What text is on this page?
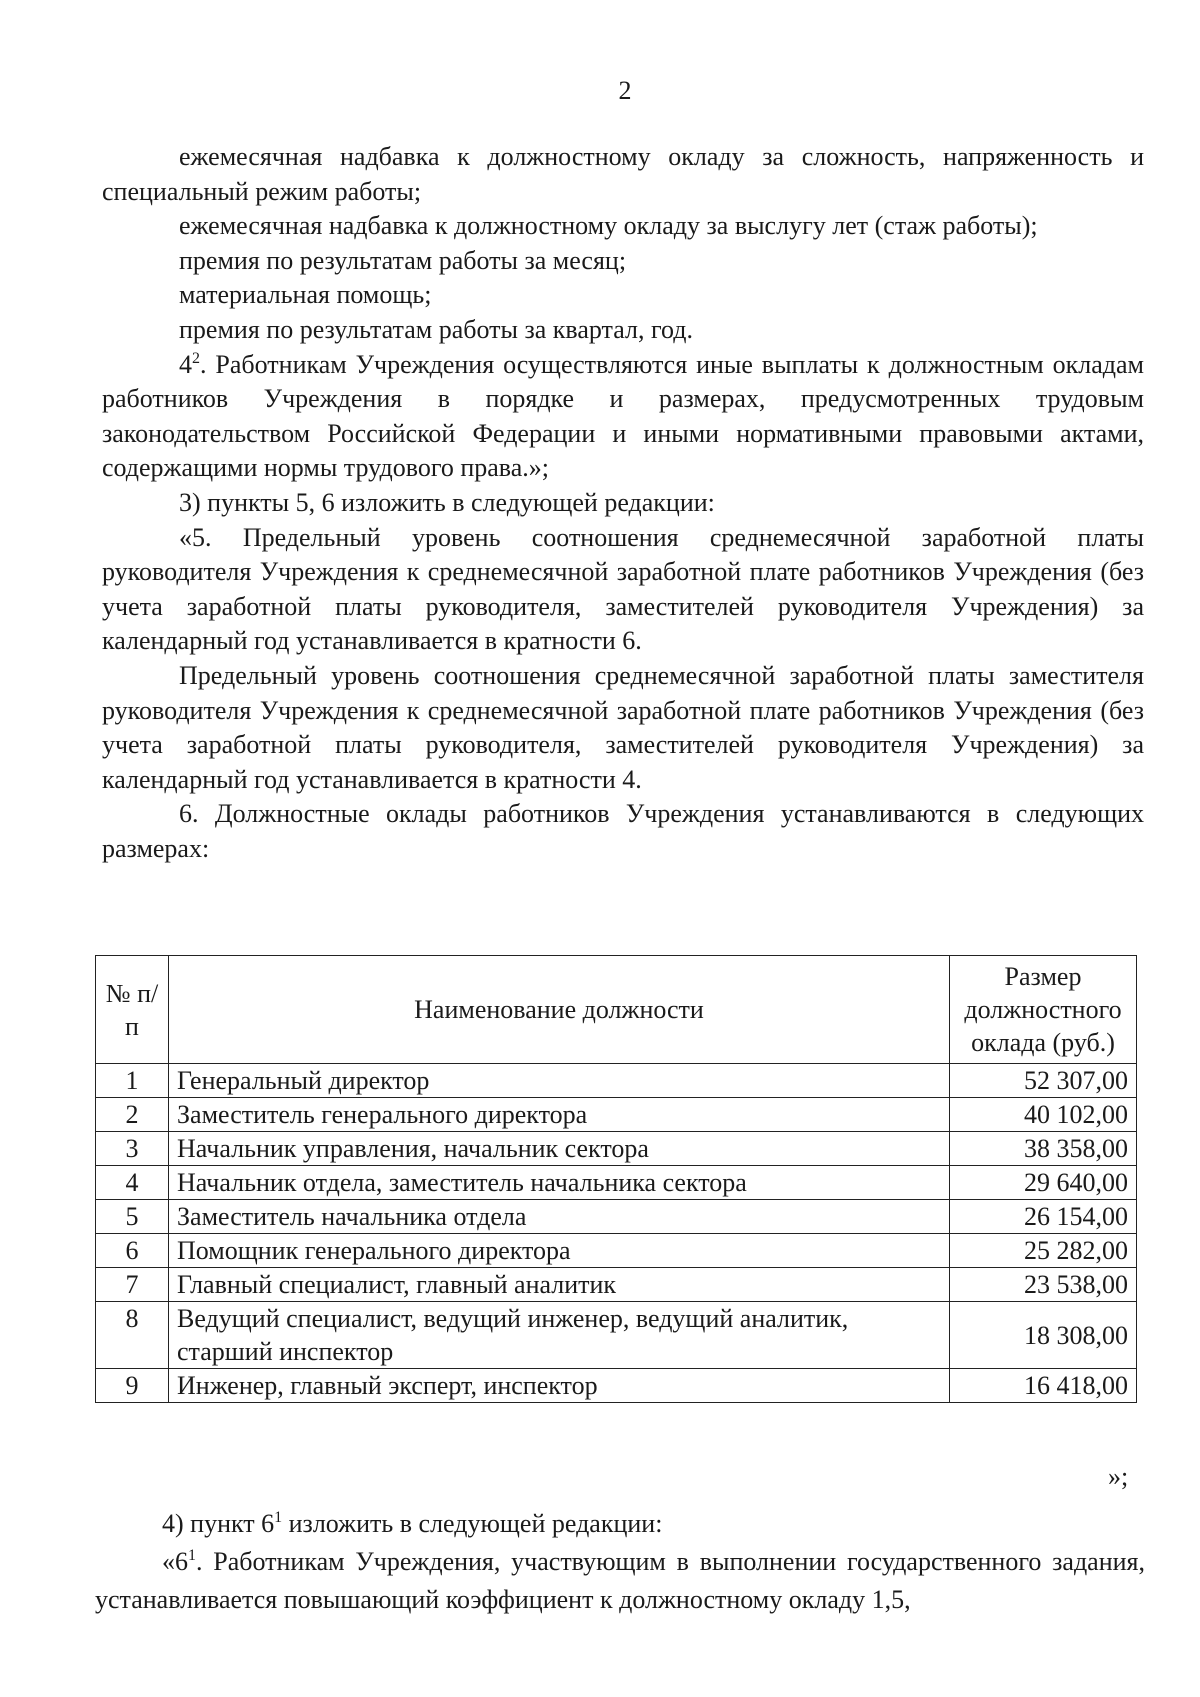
2

ежемесячная надбавка к должностному окладу за сложность, напряженность и специальный режим работы;

ежемесячная надбавка к должностному окладу за выслугу лет (стаж работы);

премия по результатам работы за месяц;

материальная помощь;

премия по результатам работы за квартал, год.

$4^2$. Работникам Учреждения осуществляются иные выплаты к должностным окладам работников Учреждения в порядке и размерах, предусмотренных трудовым законодательством Российской Федерации и иными нормативными правовыми актами, содержащими нормы трудового права.»;

3) пункты 5, 6 изложить в следующей редакции:

«5. Предельный уровень соотношения среднемесячной заработной платы руководителя Учреждения к среднемесячной заработной плате работников Учреждения (без учета заработной платы руководителя, заместителей руководителя Учреждения) за календарный год устанавливается в кратности 6.

Предельный уровень соотношения среднемесячной заработной платы заместителя руководителя Учреждения к среднемесячной заработной плате работников Учреждения (без учета заработной платы руководителя, заместителей руководителя Учреждения) за календарный год устанавливается в кратности 4.

6. Должностные оклады работников Учреждения устанавливаются в следующих размерах:

№ п/п	Наименование должности	Размер должностного оклада (руб.)
1	Генеральный директор	52 307,00
2	Заместитель генерального директора	40 102,00
3	Начальник управления, начальник сектора	38 358,00
4	Начальник отдела, заместитель начальника сектора	29 640,00
5	Заместитель начальника отдела	26 154,00
6	Помощник генерального директора	25 282,00
7	Главный специалист, главный аналитик	23 538,00
8	Ведущий специалист, ведущий инженер, ведущий аналитик, старший инспектор	18 308,00
9	Инженер, главный эксперт, инспектор	16 418,00
»;

4) пункт $6^1$ изложить в следующей редакции:

«$6^1$. Работникам Учреждения, участвующим в выполнении государственного задания, устанавливается повышающий коэффициент к должностному окладу 1,5,
